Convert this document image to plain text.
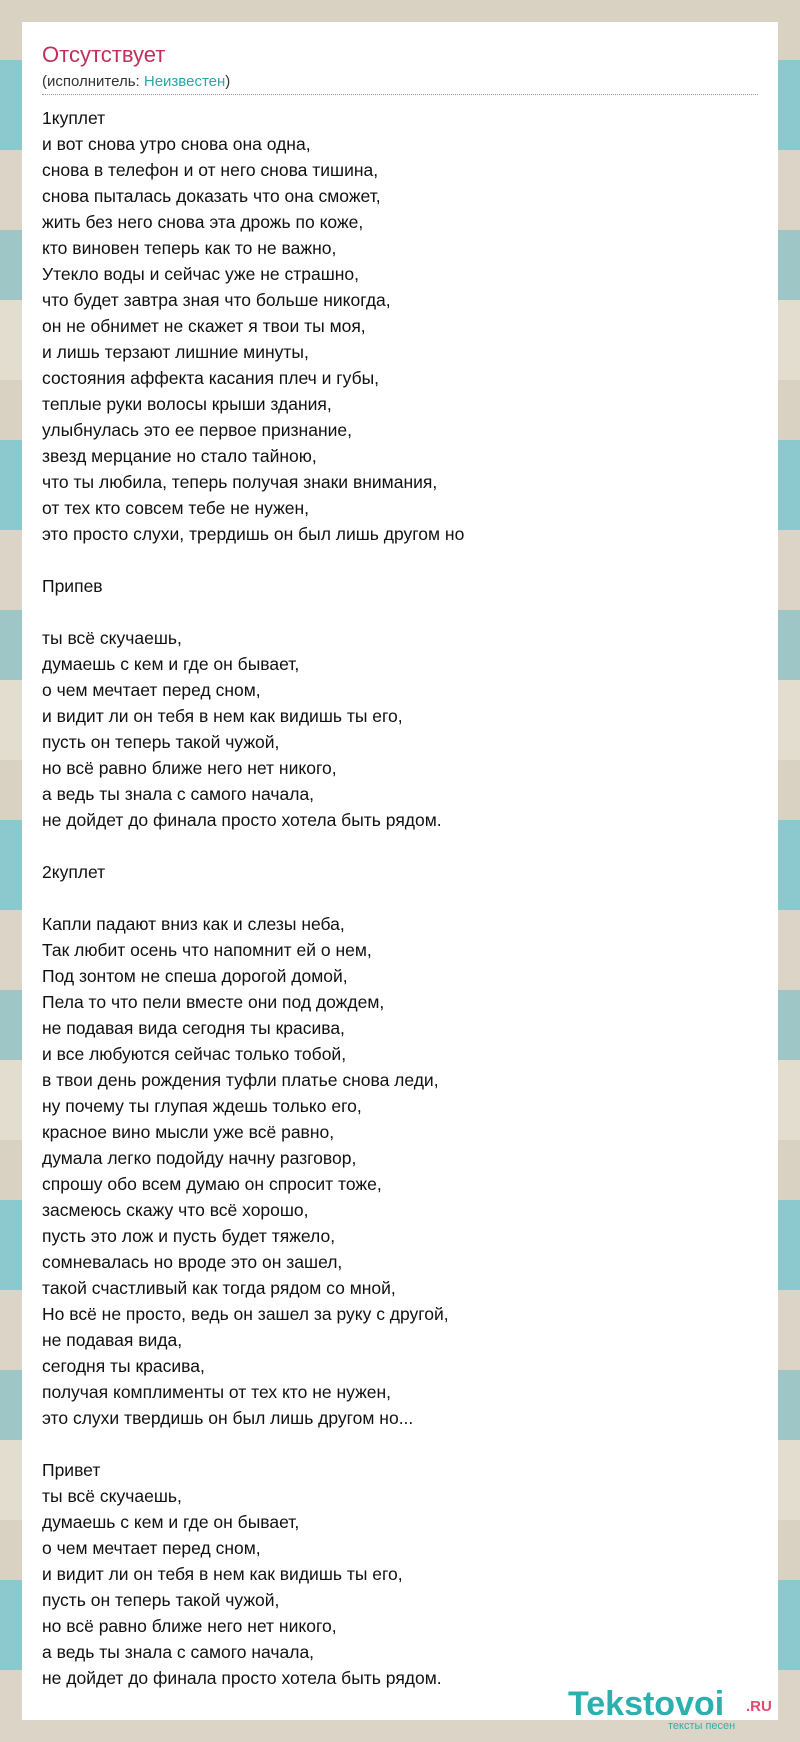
Отсутствует
(исполнитель: Неизвестен)
1куплет
и вот снова утро снова она одна,
снова в телефон и от него снова тишина,
снова пыталась доказать что она сможет,
жить без него снова эта дрожь по коже,
кто виновен теперь как то не важно,
Утекло воды и сейчас уже не страшно,
что будет завтра зная что больше никогда,
он не обнимет не скажет я твои ты моя,
и лишь терзают лишние минуты,
состояния аффекта касания плеч и губы,
теплые руки волосы крыши здания,
улыбнулась это ее первое признание,
звезд мерцание но стало тайною,
что ты любила, теперь получая знаки внимания,
от тех кто совсем тебе не нужен,
это просто слухи, трердишь он был лишь другом но
Припев
ты всё скучаешь,
думаешь с кем и где он бывает,
о чем мечтает перед сном,
и видит ли он тебя в нем как видишь ты его,
пусть он теперь такой чужой,
но всё равно ближе него нет никого,
а ведь ты знала с самого начала,
не дойдет до финала просто хотела быть рядом.
2куплет
Капли падают вниз как и слезы неба,
Так любит осень что напомнит ей о нем,
Под зонтом не спеша дорогой домой,
Пела то что пели вместе они под дождем,
не подавая вида сегодня ты красива,
и все любуются сейчас только тобой,
в твои день рождения туфли платье снова леди,
ну почему ты глупая ждешь только его,
красное вино мысли уже всё равно,
думала легко подойду начну разговор,
спрошу обо всем думаю он спросит тоже,
засмеюсь скажу что всё хорошо,
пусть это лож и пусть будет тяжело,
сомневалась но вроде это он зашел,
такой счастливый как тогда рядом со мной,
Но всё не просто, ведь он зашел за руку с другой,
не подавая вида,
сегодня ты красива,
получая комплименты от тех кто не нужен,
это слухи твердишь он был лишь другом но...
Привет
ты всё скучаешь,
думаешь с кем и где он бывает,
о чем мечтает перед сном,
и видит ли он тебя в нем как видишь ты его,
пусть он теперь такой чужой,
но всё равно ближе него нет никого,
а ведь ты знала с самого начала,
не дойдет до финала просто хотела быть рядом.
Tekstovoi .RU
тексты песен
